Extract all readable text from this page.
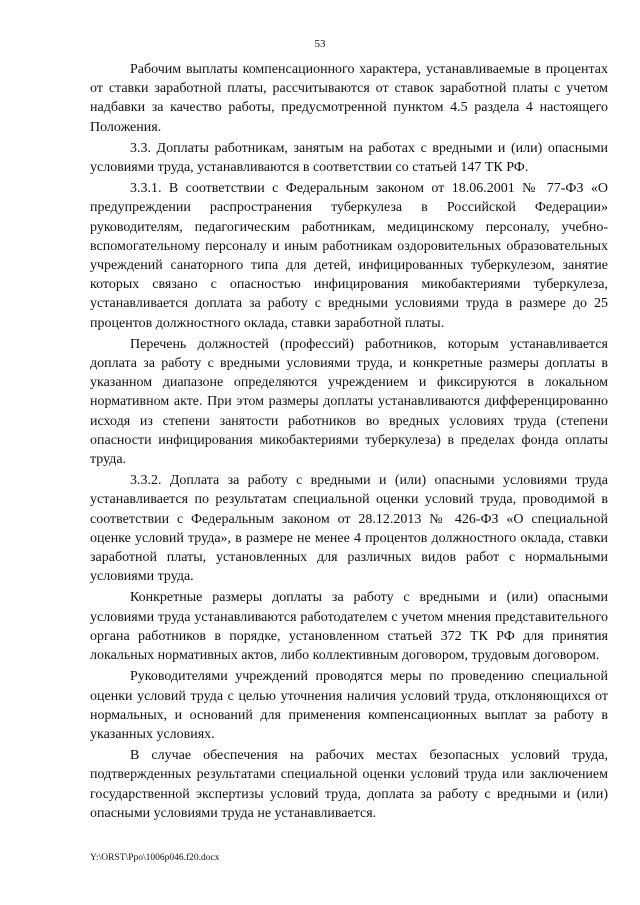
53

Рабочим выплаты компенсационного характера, устанавливаемые в процентах от ставки заработной платы, рассчитываются от ставок заработной платы с учетом надбавки за качество работы, предусмотренной пунктом 4.5 раздела 4 настоящего Положения.

3.3. Доплаты работникам, занятым на работах с вредными и (или) опасными условиями труда, устанавливаются в соответствии со статьей 147 ТК РФ.

3.3.1. В соответствии с Федеральным законом от 18.06.2001 № 77-ФЗ «О предупреждении распространения туберкулеза в Российской Федерации» руководителям, педагогическим работникам, медицинскому персоналу, учебно-вспомогательному персоналу и иным работникам оздоровительных образовательных учреждений санаторного типа для детей, инфицированных туберкулезом, занятие которых связано с опасностью инфицирования микобактериями туберкулеза, устанавливается доплата за работу с вредными условиями труда в размере до 25 процентов должностного оклада, ставки заработной платы.

Перечень должностей (профессий) работников, которым устанавливается доплата за работу с вредными условиями труда, и конкретные размеры доплаты в указанном диапазоне определяются учреждением и фиксируются в локальном нормативном акте. При этом размеры доплаты устанавливаются дифференцированно исходя из степени занятости работников во вредных условиях труда (степени опасности инфицирования микобактериями туберкулеза) в пределах фонда оплаты труда.

3.3.2. Доплата за работу с вредными и (или) опасными условиями труда устанавливается по результатам специальной оценки условий труда, проводимой в соответствии с Федеральным законом от 28.12.2013 № 426-ФЗ «О специальной оценке условий труда», в размере не менее 4 процентов должностного оклада, ставки заработной платы, установленных для различных видов работ с нормальными условиями труда.

Конкретные размеры доплаты за работу с вредными и (или) опасными условиями труда устанавливаются работодателем с учетом мнения представительного органа работников в порядке, установленном статьей 372 ТК РФ для принятия локальных нормативных актов, либо коллективным договором, трудовым договором.

Руководителями учреждений проводятся меры по проведению специальной оценки условий труда с целью уточнения наличия условий труда, отклоняющихся от нормальных, и оснований для применения компенсационных выплат за работу в указанных условиях.

В случае обеспечения на рабочих местах безопасных условий труда, подтвержденных результатами специальной оценки условий труда или заключением государственной экспертизы условий труда, доплата за работу с вредными и (или) опасными условиями труда не устанавливается.

Y:\ORST\Ppo\1006p046.f20.docx
